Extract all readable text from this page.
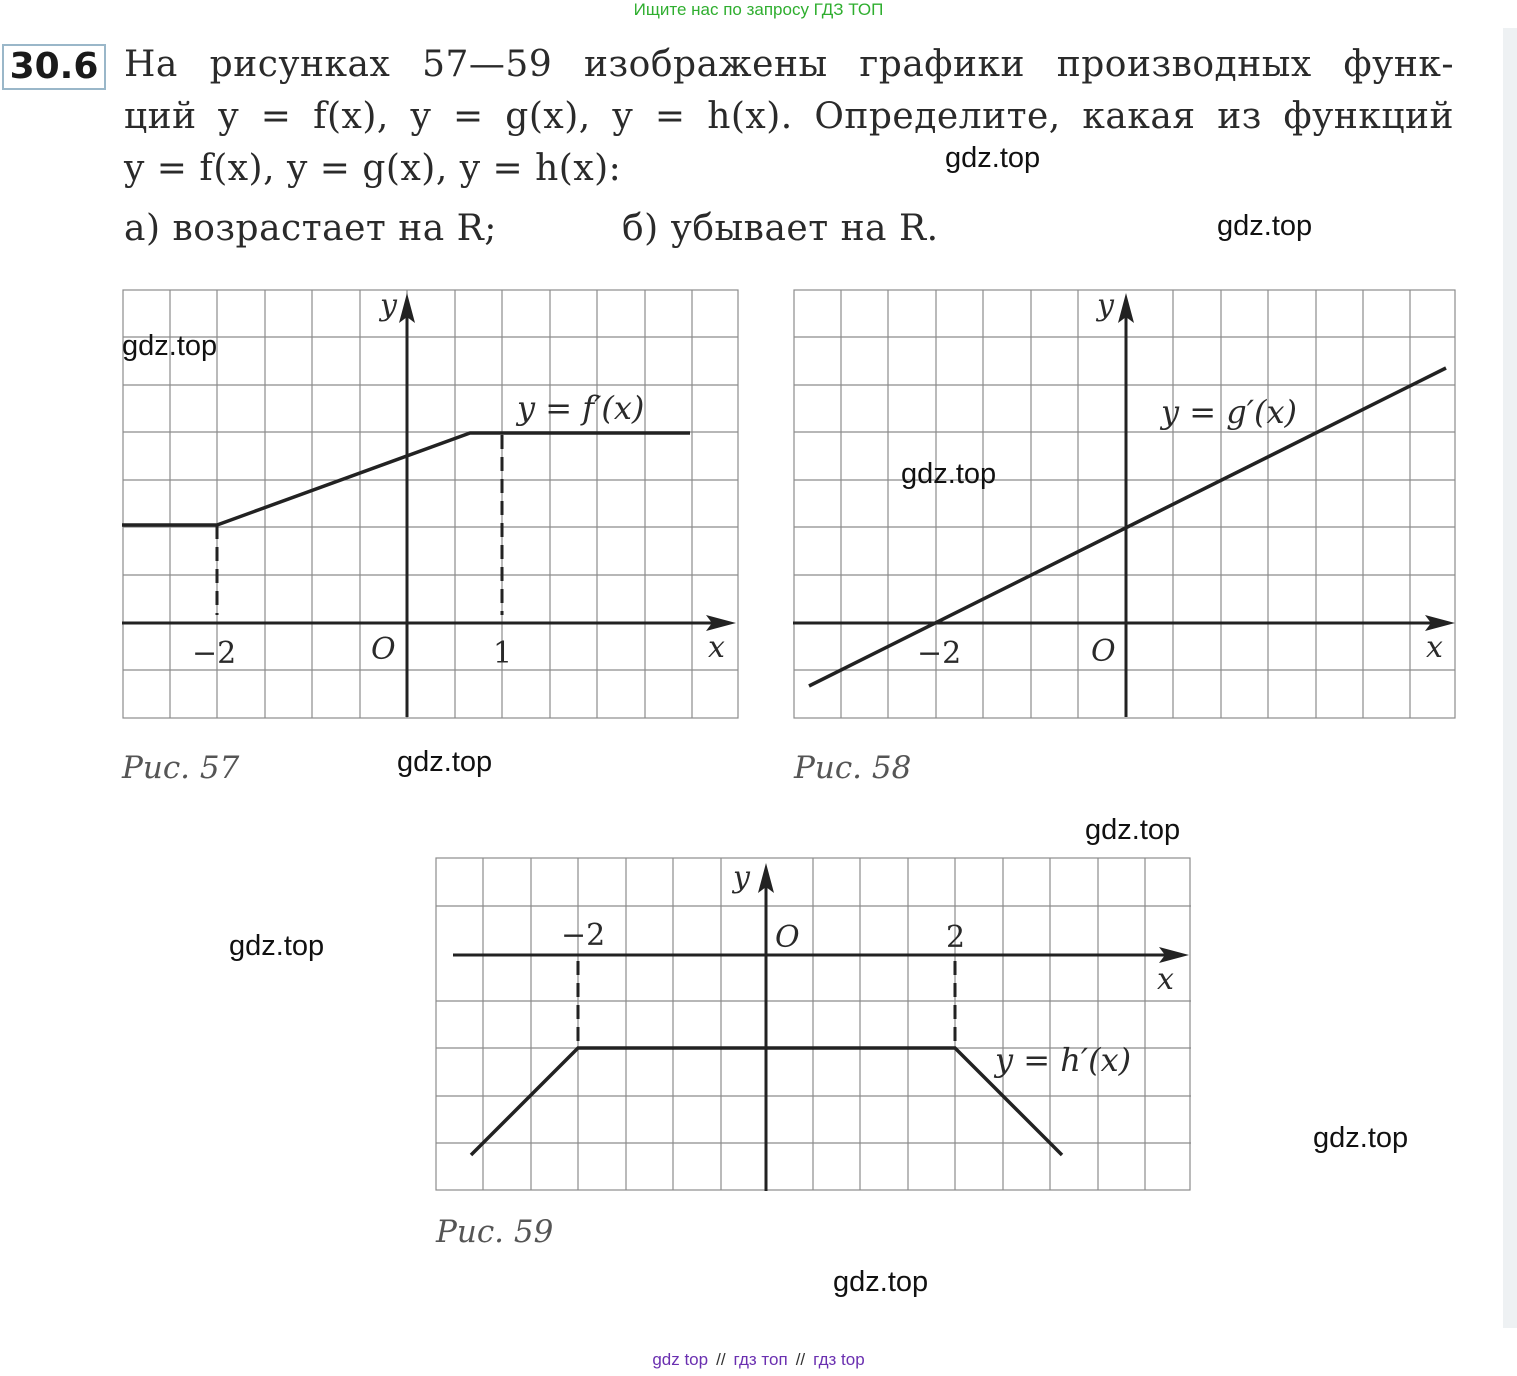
Ищите нас по запросу ГДЗ ТОП
30.6 На рисунках 57—59 изображены графики производных функ-
ций y = f(x), y = g(x), y = h(x). Определите, какая из функций
y = f(x), y = g(x), y = h(x):
а) возрастает на R;	б) убывает на R.
y = f′(x)
y
x
O
−2	1
Рис. 57
y = g′(x)
y
x
O
−2
Рис. 58
y = h′(x)
y
x
O
−2	2
Рис. 59
gdz.top
gdz.top
gdz.top
gdz.top
gdz.top
gdz.top
gdz.top
gdz.top
gdz.top
gdz top // гдз топ // гдз top
